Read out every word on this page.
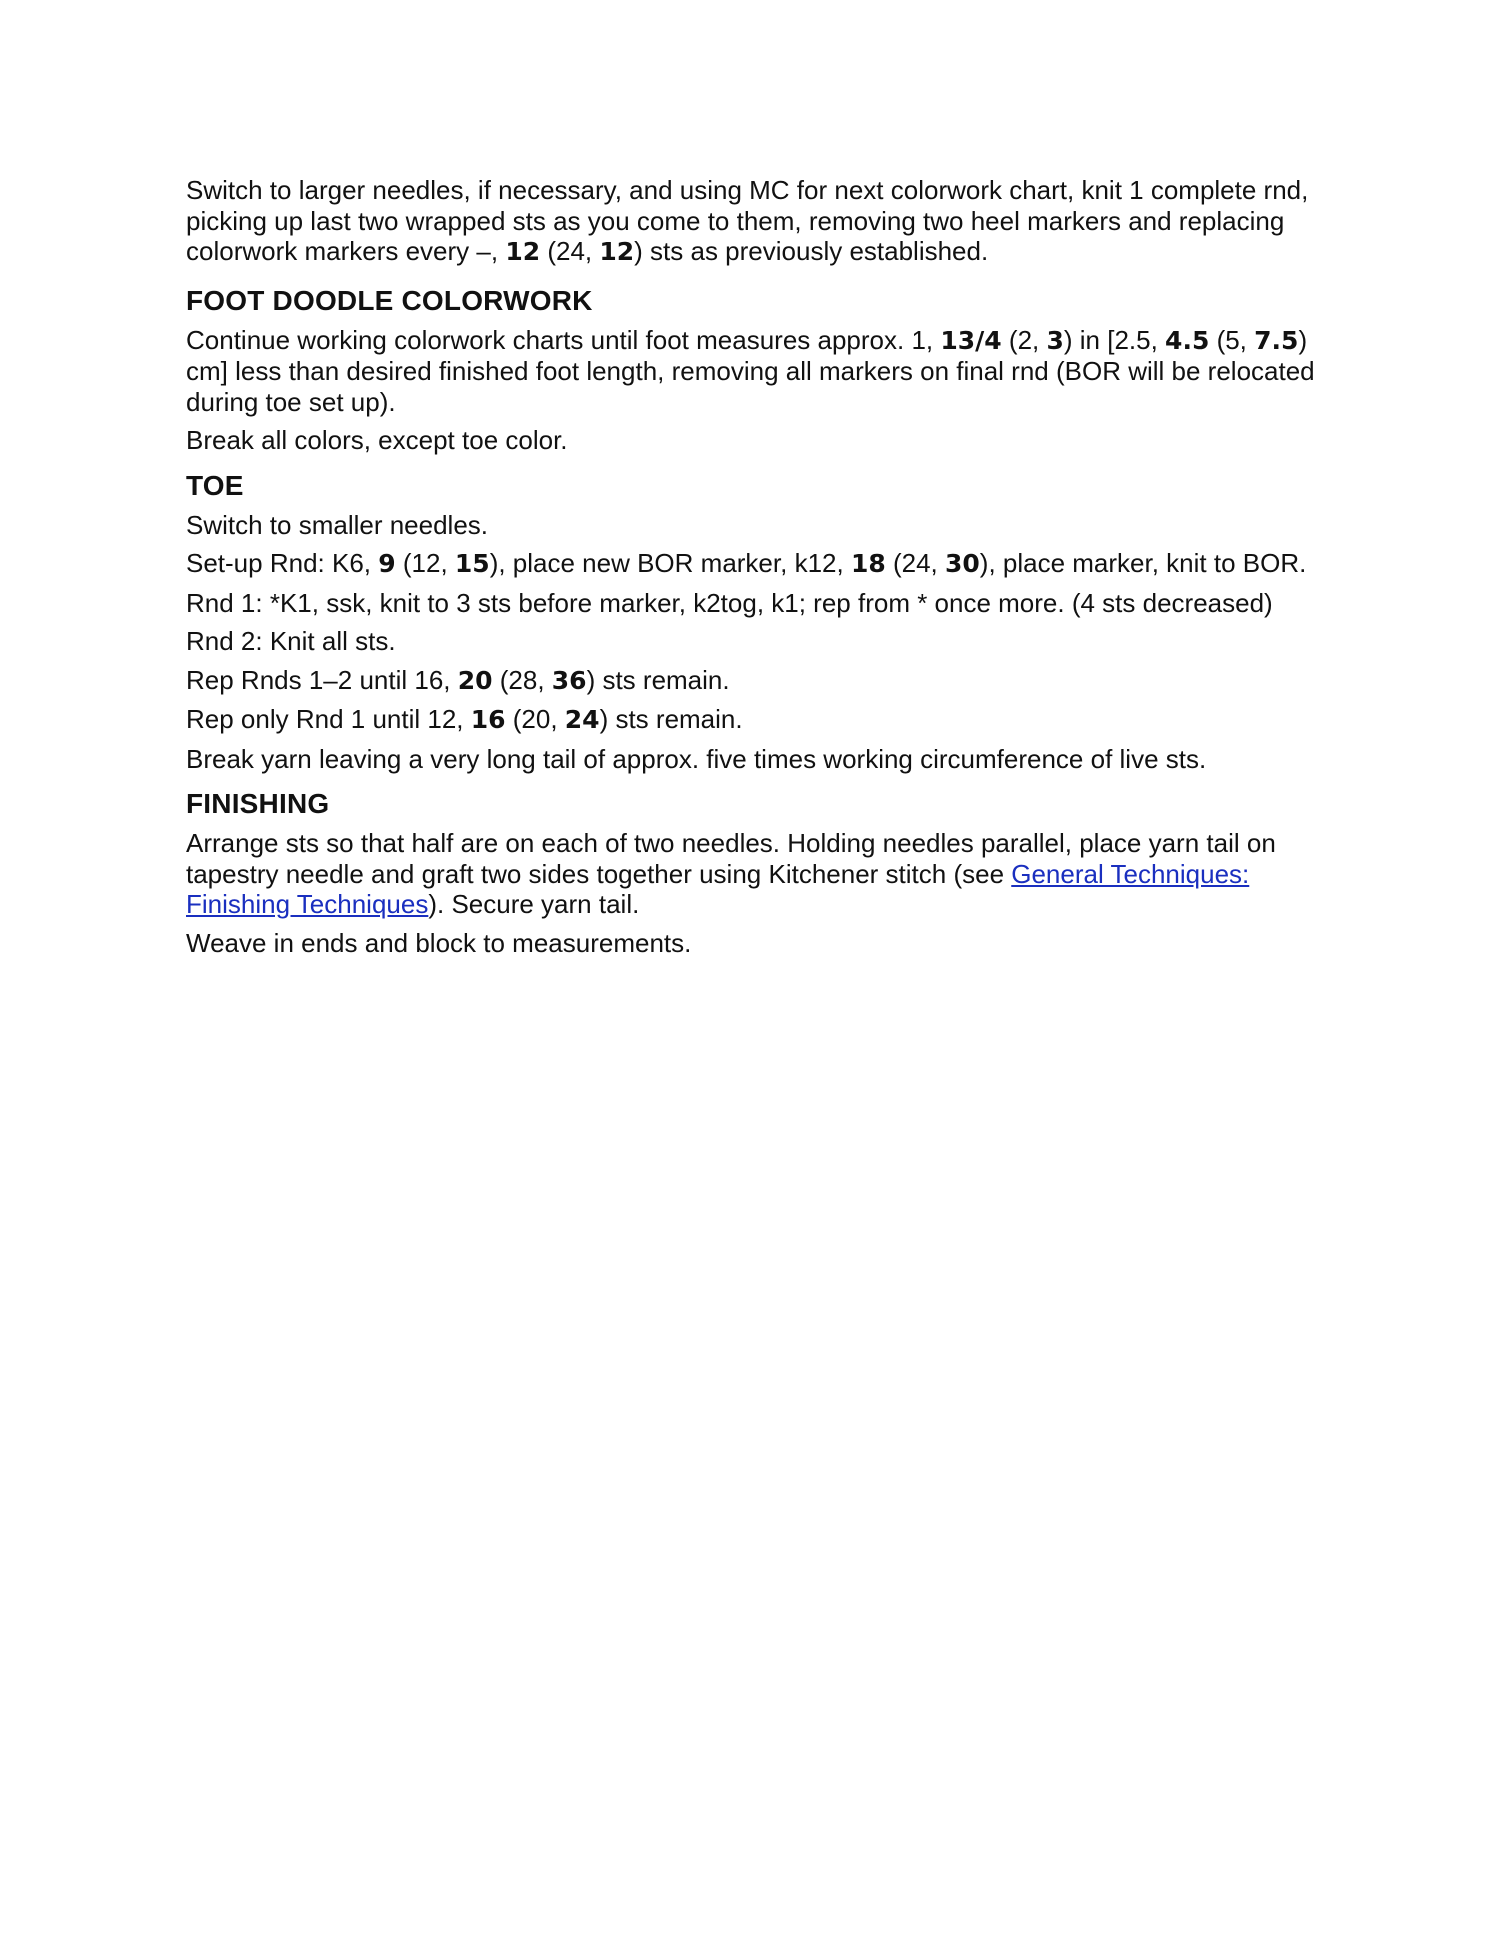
Switch to larger needles, if necessary, and using MC for next colorwork chart, knit 1 complete rnd, picking up last two wrapped sts as you come to them, removing two heel markers and replacing colorwork markers every –, 12 (24, 12) sts as previously established.

FOOT DOODLE COLORWORK

Continue working colorwork charts until foot measures approx. 1, 13/4 (2, 3) in [2.5, 4.5 (5, 7.5) cm] less than desired finished foot length, removing all markers on final rnd (BOR will be relocated during toe set up).

Break all colors, except toe color.

TOE

Switch to smaller needles.

Set-up Rnd: K6, 9 (12, 15), place new BOR marker, k12, 18 (24, 30), place marker, knit to BOR.

Rnd 1: *K1, ssk, knit to 3 sts before marker, k2tog, k1; rep from * once more. (4 sts decreased)

Rnd 2: Knit all sts.

Rep Rnds 1–2 until 16, 20 (28, 36) sts remain.

Rep only Rnd 1 until 12, 16 (20, 24) sts remain.

Break yarn leaving a very long tail of approx. five times working circumference of live sts.

FINISHING

Arrange sts so that half are on each of two needles. Holding needles parallel, place yarn tail on tapestry needle and graft two sides together using Kitchener stitch (see General Techniques: Finishing Techniques). Secure yarn tail.

Weave in ends and block to measurements.
